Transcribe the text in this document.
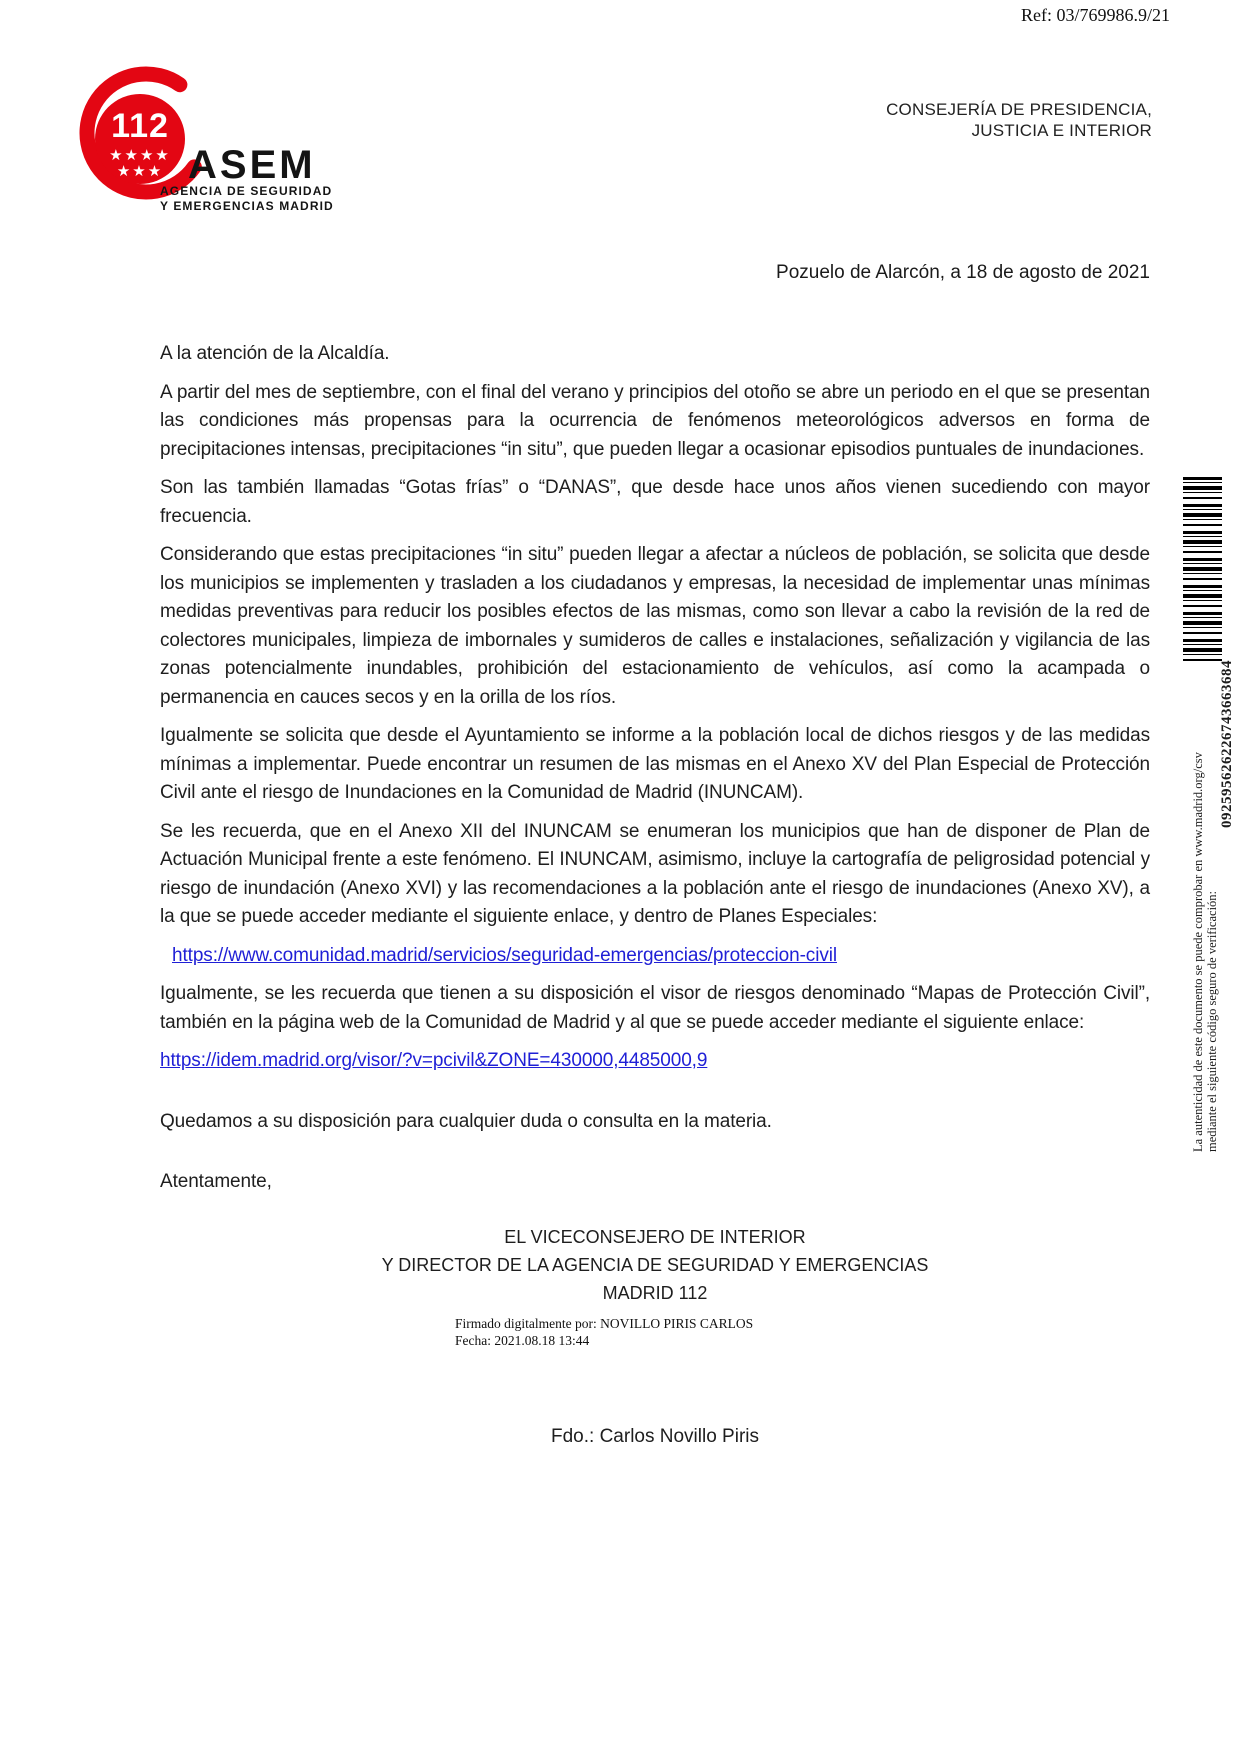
Ref: 03/769986.9/21
CONSEJERÍA DE PRESIDENCIA,
JUSTICIA E INTERIOR
112
★★★★
★★★ ASEM
AGENCIA DE SEGURIDAD
Y EMERGENCIAS MADRID
Pozuelo de Alarcón, a 18 de agosto de 2021

A la atención de la Alcaldía.

A partir del mes de septiembre, con el final del verano y principios del otoño se abre un periodo en el que se presentan las condiciones más propensas para la ocurrencia de fenómenos meteorológicos adversos en forma de precipitaciones intensas, precipitaciones “in situ”, que pueden llegar a ocasionar episodios puntuales de inundaciones.

Son las también llamadas “Gotas frías” o “DANAS”, que desde hace unos años vienen sucediendo con mayor frecuencia.

Considerando que estas precipitaciones “in situ” pueden llegar a afectar a núcleos de población, se solicita que desde los municipios se implementen y trasladen a los ciudadanos y empresas, la necesidad de implementar unas mínimas medidas preventivas para reducir los posibles efectos de las mismas, como son llevar a cabo la revisión de la red de colectores municipales, limpieza de imbornales y sumideros de calles e instalaciones, señalización y vigilancia de las zonas potencialmente inundables, prohibición del estacionamiento de vehículos, así como la acampada o permanencia en cauces secos y en la orilla de los ríos.

Igualmente se solicita que desde el Ayuntamiento se informe a la población local de dichos riesgos y de las medidas mínimas a implementar. Puede encontrar un resumen de las mismas en el Anexo XV del Plan Especial de Protección Civil ante el riesgo de Inundaciones en la Comunidad de Madrid (INUNCAM).

Se les recuerda, que en el Anexo XII del INUNCAM se enumeran los municipios que han de disponer de Plan de Actuación Municipal frente a este fenómeno. El INUNCAM, asimismo, incluye la cartografía de peligrosidad potencial y riesgo de inundación (Anexo XVI) y las recomendaciones a la población ante el riesgo de inundaciones (Anexo XV), a la que se puede acceder mediante el siguiente enlace, y dentro de Planes Especiales:

https://www.comunidad.madrid/servicios/seguridad-emergencias/proteccion-civil

Igualmente, se les recuerda que tienen a su disposición el visor de riesgos denominado “Mapas de Protección Civil”, también en la página web de la Comunidad de Madrid y al que se puede acceder mediante el siguiente enlace:

https://idem.madrid.org/visor/?v=pcivil&ZONE=430000,4485000,9

Quedamos a su disposición para cualquier duda o consulta en la materia.

Atentamente,

EL VICECONSEJERO DE INTERIOR
Y DIRECTOR DE LA AGENCIA DE SEGURIDAD Y EMERGENCIAS
MADRID 112
Firmado digitalmente por: NOVILLO PIRIS CARLOS
Fecha: 2021.08.18 13:44
Fdo.: Carlos Novillo Piris
La autenticidad de este documento se puede comprobar en www.madrid.org/csv mediante el siguiente código seguro de verificación:
092595626226743663684
